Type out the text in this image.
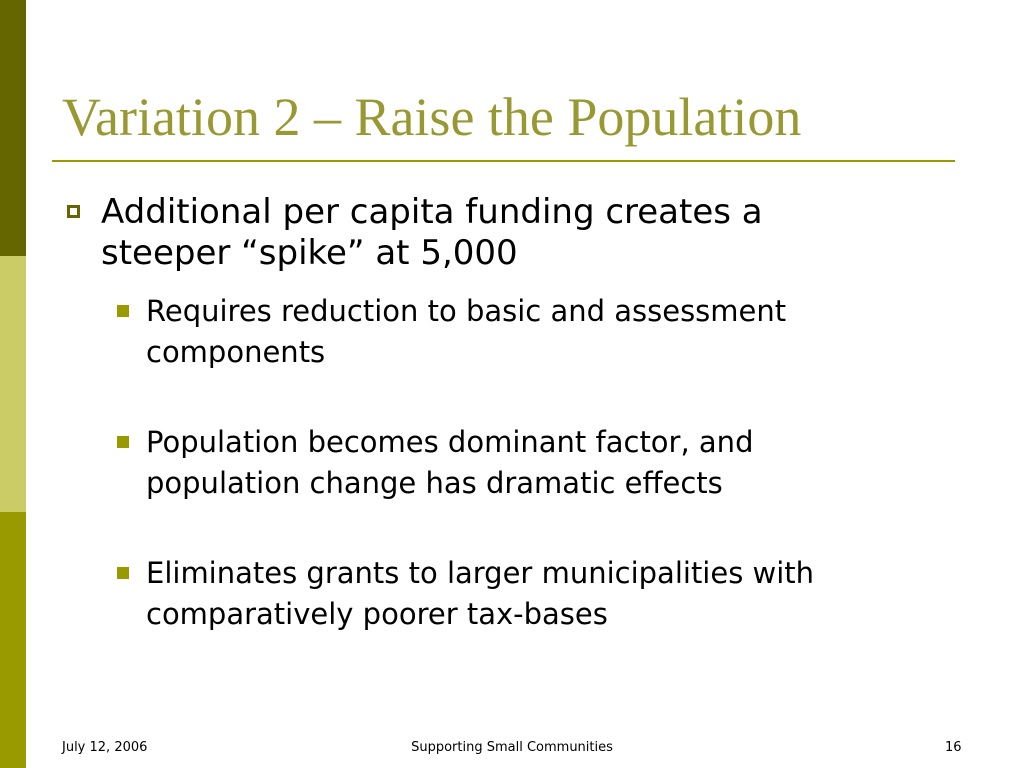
Variation 2 – Raise the Population
Additional per capita funding creates a
steeper “spike” at 5,000
Requires reduction to basic and assessment
components
Population becomes dominant factor, and
population change has dramatic effects
Eliminates grants to larger municipalities with
comparatively poorer tax-bases
July 12, 2006	Supporting Small Communities	16
